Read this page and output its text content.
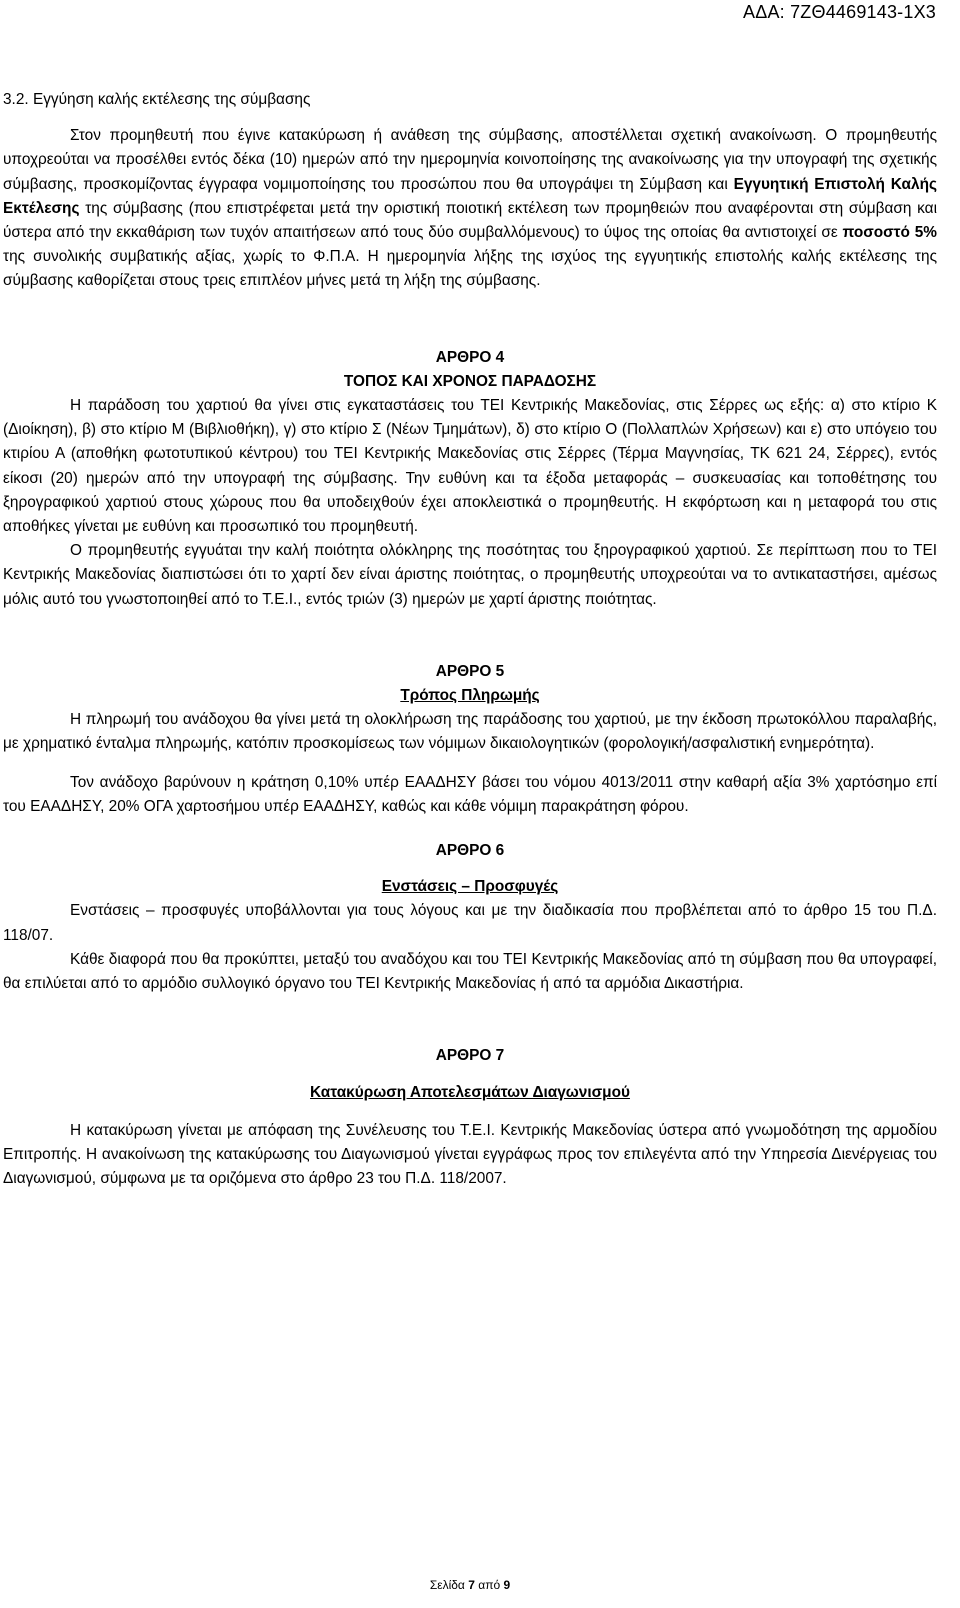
ΑΔΑ: 7ΖΘ4469143-1Χ3

3.2. Εγγύηση καλής εκτέλεσης της σύμβασης

Στον προμηθευτή που έγινε κατακύρωση ή ανάθεση της σύμβασης, αποστέλλεται σχετική ανακοίνωση. Ο προμηθευτής υποχρεούται να προσέλθει εντός δέκα (10) ημερών από την ημερομηνία κοινοποίησης της ανακοίνωσης για την υπογραφή της σχετικής σύμβασης, προσκομίζοντας έγγραφα νομιμοποίησης του προσώπου που θα υπογράψει τη Σύμβαση και Εγγυητική Επιστολή Καλής Εκτέλεσης της σύμβασης (που επιστρέφεται μετά την οριστική ποιοτική εκτέλεση των προμηθειών που αναφέρονται στη σύμβαση και ύστερα από την εκκαθάριση των τυχόν απαιτήσεων από τους δύο συμβαλλόμενους) το ύψος της οποίας θα αντιστοιχεί σε ποσοστό 5% της συνολικής συμβατικής αξίας, χωρίς το Φ.Π.Α. Η ημερομηνία λήξης της ισχύος της εγγυητικής επιστολής καλής εκτέλεσης της σύμβασης καθορίζεται στους τρεις επιπλέον μήνες μετά τη λήξη της σύμβασης.

ΑΡΘΡΟ 4

ΤΟΠΟΣ ΚΑΙ ΧΡΟΝΟΣ ΠΑΡΑΔΟΣΗΣ

Η παράδοση του χαρτιού θα γίνει στις εγκαταστάσεις του ΤΕΙ Κεντρικής Μακεδονίας, στις Σέρρες ως εξής: α) στο κτίριο Κ (Διοίκηση), β) στο κτίριο Μ (Βιβλιοθήκη), γ) στο κτίριο Σ (Νέων Τμημάτων), δ) στο κτίριο Ο (Πολλαπλών Χρήσεων) και ε) στο υπόγειο του κτιρίου Α (αποθήκη φωτοτυπικού κέντρου) του ΤΕΙ Κεντρικής Μακεδονίας στις Σέρρες (Τέρμα Μαγνησίας, ΤΚ 621 24, Σέρρες), εντός είκοσι (20) ημερών από την υπογραφή της σύμβασης. Την ευθύνη και τα έξοδα μεταφοράς – συσκευασίας και τοποθέτησης του ξηρογραφικού χαρτιού στους χώρους που θα υποδειχθούν έχει αποκλειστικά ο προμηθευτής. Η εκφόρτωση και η μεταφορά του στις αποθήκες γίνεται με ευθύνη και προσωπικό του προμηθευτή.

Ο προμηθευτής εγγυάται την καλή ποιότητα ολόκληρης της ποσότητας του ξηρογραφικού χαρτιού. Σε περίπτωση που το ΤΕΙ Κεντρικής Μακεδονίας διαπιστώσει ότι το χαρτί δεν είναι άριστης ποιότητας, ο προμηθευτής υποχρεούται να το αντικαταστήσει, αμέσως μόλις αυτό του γνωστοποιηθεί από το Τ.Ε.Ι., εντός τριών (3) ημερών με χαρτί άριστης ποιότητας.

ΑΡΘΡΟ 5

Τρόπος Πληρωμής

Η πληρωμή του ανάδοχου θα γίνει μετά τη ολοκλήρωση της παράδοσης του χαρτιού, με την έκδοση πρωτοκόλλου παραλαβής, με χρηματικό ένταλμα πληρωμής, κατόπιν προσκομίσεως των νόμιμων δικαιολογητικών (φορολογική/ασφαλιστική ενημερότητα).

Τον ανάδοχο βαρύνουν η κράτηση 0,10% υπέρ ΕΑΑΔΗΣΥ βάσει του νόμου 4013/2011 στην καθαρή αξία 3% χαρτόσημο επί του ΕΑΑΔΗΣΥ, 20% ΟΓΑ χαρτοσήμου υπέρ ΕΑΑΔΗΣΥ, καθώς και κάθε νόμιμη παρακράτηση φόρου.

ΑΡΘΡΟ 6

Ενστάσεις – Προσφυγές

Ενστάσεις – προσφυγές υποβάλλονται για τους λόγους και με την διαδικασία που προβλέπεται από το άρθρο 15 του Π.Δ. 118/07.

Κάθε διαφορά που θα προκύπτει, μεταξύ του αναδόχου και του ΤΕΙ Κεντρικής Μακεδονίας από τη σύμβαση που θα υπογραφεί, θα επιλύεται από το αρμόδιο συλλογικό όργανο του ΤΕΙ Κεντρικής Μακεδονίας ή από τα αρμόδια Δικαστήρια.

ΑΡΘΡΟ 7

Κατακύρωση Αποτελεσμάτων Διαγωνισμού

Η κατακύρωση γίνεται με απόφαση της Συνέλευσης του Τ.Ε.Ι. Κεντρικής Μακεδονίας ύστερα από γνωμοδότηση της αρμοδίου Επιτροπής. Η ανακοίνωση της κατακύρωσης του Διαγωνισμού γίνεται εγγράφως προς τον επιλεγέντα από την Υπηρεσία Διενέργειας του Διαγωνισμού, σύμφωνα με τα οριζόμενα στο άρθρο 23 του Π.Δ. 118/2007.

Σελίδα 7 από 9
